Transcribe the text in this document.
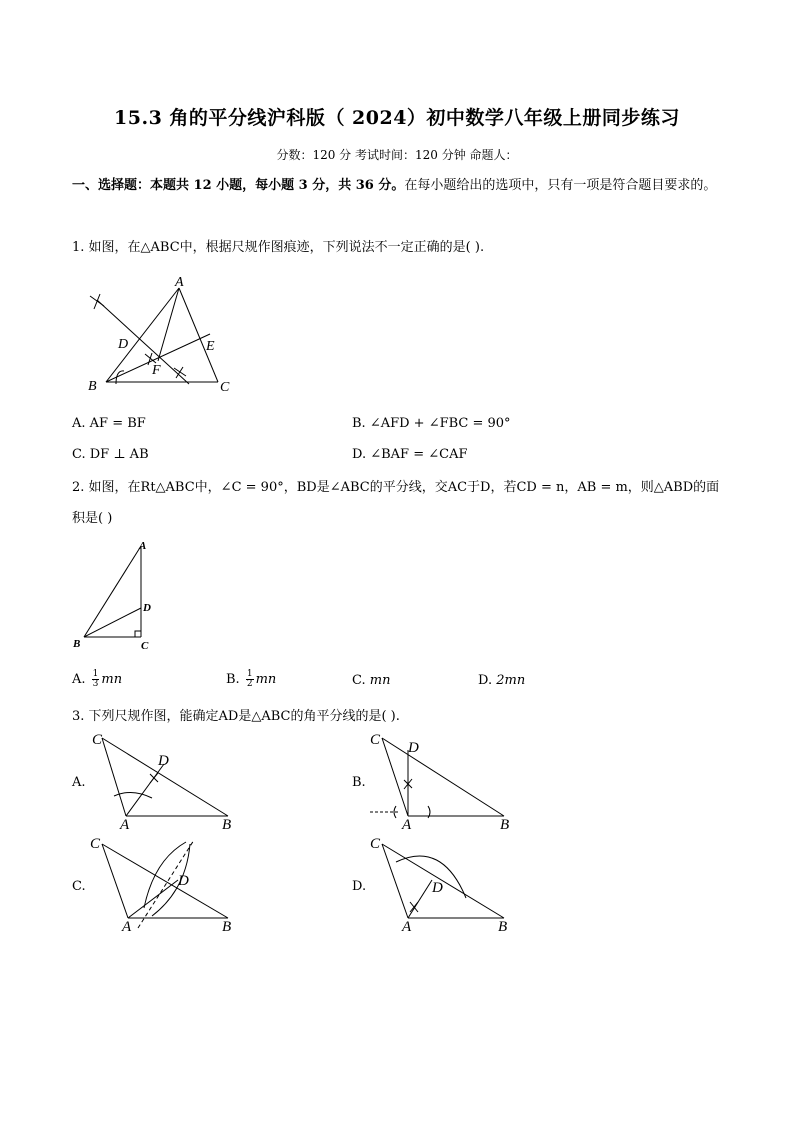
15.3 角的平分线沪科版（ 2024）初中数学八年级上册同步练习
分数：120 分 考试时间：120 分钟 命题人：
一、选择题：本题共 12 小题，每小题 3 分，共 36 分。在每小题给出的选项中，只有一项是符合题目要求的。
1. 如图，在△ABC中，根据尺规作图痕迹，下列说法不一定正确的是( ).
A
B	C
D	E
F
A. AF = BF	B. ∠AFD + ∠FBC = 90°
C. DF ⊥ AB	D. ∠BAF = ∠CAF
2. 如图，在Rt△ABC中，∠C = 90°，BD是∠ABC的平分线，交AC于D，若CD = n，AB = m，则△ABD的面积是( )
A
B	C
D
A. $\frac{1}{3}$ mn	B. $\frac{1}{2}$ mn	C. mn	D. 2mn
3. 下列尺规作图，能确定AD是△ABC的角平分线的是( ).
A.
C
A	B
D
B.
C
A	B
D
C.
C
A	B
D	D.
C
A	B
D
